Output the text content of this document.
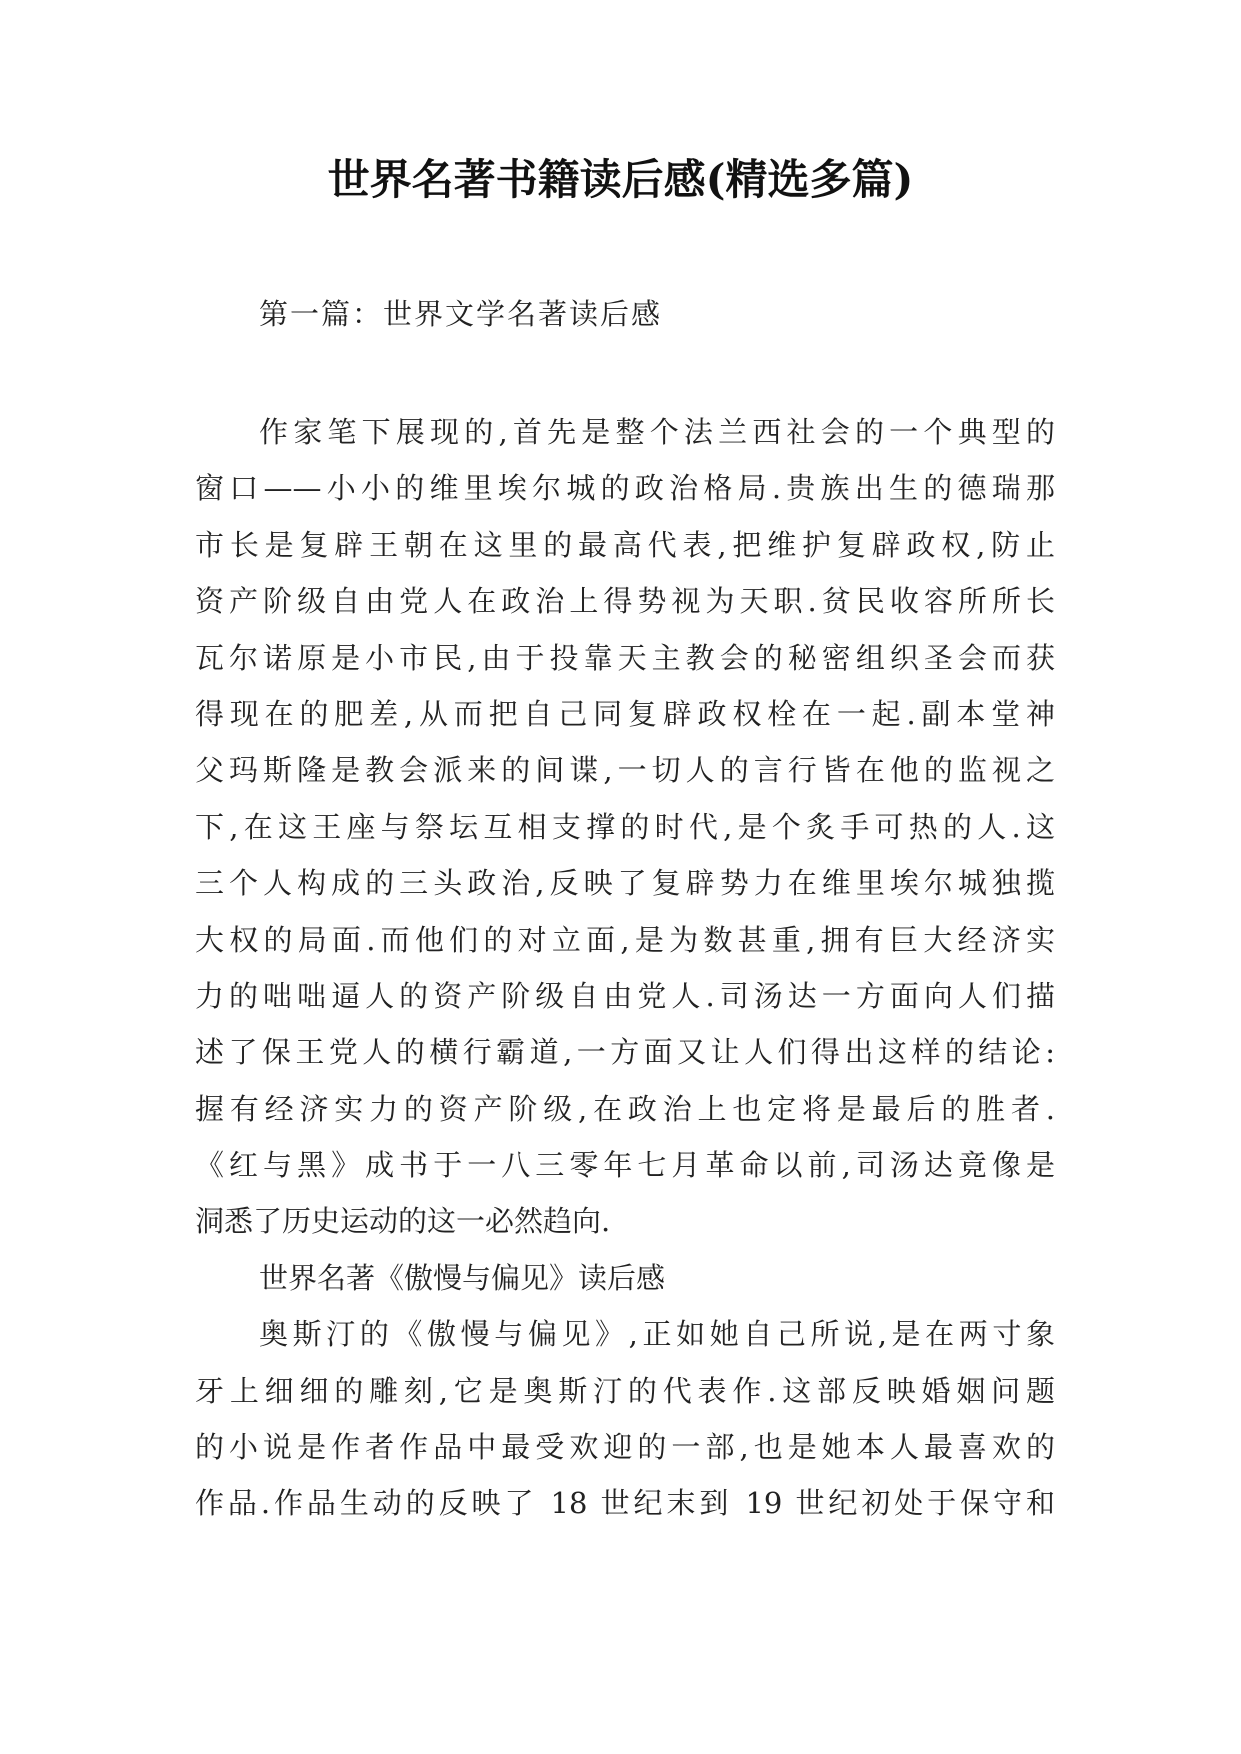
世界名著书籍读后感(精选多篇)

第一篇：世界文学名著读后感

作家笔下展现的,首先是整个法兰西社会的一个典型的
窗口——小小的维里埃尔城的政治格局.贵族出生的德瑞那
市长是复辟王朝在这里的最高代表,把维护复辟政权,防止
资产阶级自由党人在政治上得势视为天职.贫民收容所所长
瓦尔诺原是小市民,由于投靠天主教会的秘密组织圣会而获
得现在的肥差,从而把自己同复辟政权栓在一起.副本堂神
父玛斯隆是教会派来的间谍,一切人的言行皆在他的监视之
下,在这王座与祭坛互相支撑的时代,是个炙手可热的人.这
三个人构成的三头政治,反映了复辟势力在维里埃尔城独揽
大权的局面.而他们的对立面,是为数甚重,拥有巨大经济实
力的咄咄逼人的资产阶级自由党人.司汤达一方面向人们描
述了保王党人的横行霸道,一方面又让人们得出这样的结论:
握有经济实力的资产阶级,在政治上也定将是最后的胜者.
《红与黑》成书于一八三零年七月革命以前,司汤达竟像是
洞悉了历史运动的这一必然趋向.
世界名著《傲慢与偏见》读后感
奥斯汀的《傲慢与偏见》,正如她自己所说,是在两寸象
牙上细细的雕刻,它是奥斯汀的代表作.这部反映婚姻问题
的小说是作者作品中最受欢迎的一部,也是她本人最喜欢的
作品.作品生动的反映了 18 世纪末到 19 世纪初处于保守和
